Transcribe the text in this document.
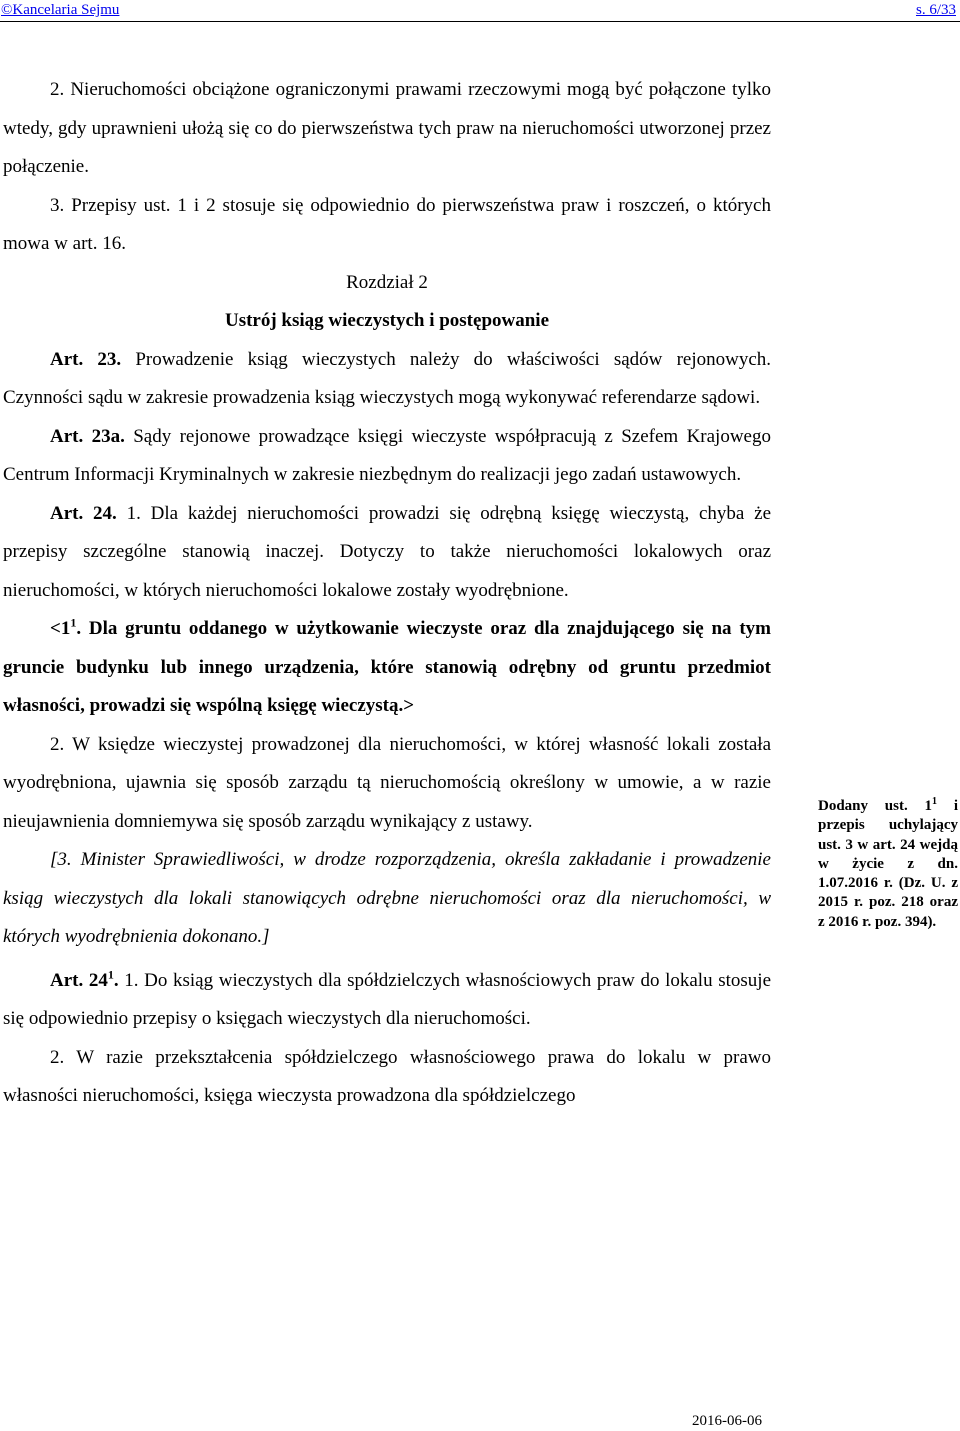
©Kancelaria Sejmu	s. 6/33

2. Nieruchomości obciążone ograniczonymi prawami rzeczowymi mogą być połączone tylko wtedy, gdy uprawnieni ułożą się co do pierwszeństwa tych praw na nieruchomości utworzonej przez połączenie.

3. Przepisy ust. 1 i 2 stosuje się odpowiednio do pierwszeństwa praw i roszczeń, o których mowa w art. 16.

Rozdział 2

Ustrój ksiąg wieczystych i postępowanie

Art. 23. Prowadzenie ksiąg wieczystych należy do właściwości sądów rejonowych. Czynności sądu w zakresie prowadzenia ksiąg wieczystych mogą wykonywać referendarze sądowi.

Art. 23a. Sądy rejonowe prowadzące księgi wieczyste współpracują z Szefem Krajowego Centrum Informacji Kryminalnych w zakresie niezbędnym do realizacji jego zadań ustawowych.

Art. 24. 1. Dla każdej nieruchomości prowadzi się odrębną księgę wieczystą, chyba że przepisy szczególne stanowią inaczej. Dotyczy to także nieruchomości lokalowych oraz nieruchomości, w których nieruchomości lokalowe zostały wyodrębnione.

$<1^1$. Dla gruntu oddanego w użytkowanie wieczyste oraz dla znajdującego się na tym gruncie budynku lub innego urządzenia, które stanowią odrębny od gruntu przedmiot własności, prowadzi się wspólną księgę wieczystą.>

2. W księdze wieczystej prowadzonej dla nieruchomości, w której własność lokali została wyodrębniona, ujawnia się sposób zarządu tą nieruchomością określony w umowie, a w razie nieujawnienia domniemywa się sposób zarządu wynikający z ustawy.

[3. Minister Sprawiedliwości, w drodze rozporządzenia, określa zakładanie i prowadzenie ksiąg wieczystych dla lokali stanowiących odrębne nieruchomości oraz dla nieruchomości, w których wyodrębnienia dokonano.]

Art. $24^1$. 1. Do ksiąg wieczystych dla spółdzielczych własnościowych praw do lokalu stosuje się odpowiednio przepisy o księgach wieczystych dla nieruchomości.

2. W razie przekształcenia spółdzielczego własnościowego prawa do lokalu w prawo własności nieruchomości, księga wieczysta prowadzona dla spółdzielczego

Dodany ust. $1^1$ i przepis uchylający ust. 3 w art. 24 wejdą w życie z dn. 1.07.2016 r. (Dz. U. z 2015 r. poz. 218 oraz z 2016 r. poz. 394).
2016-06-06
